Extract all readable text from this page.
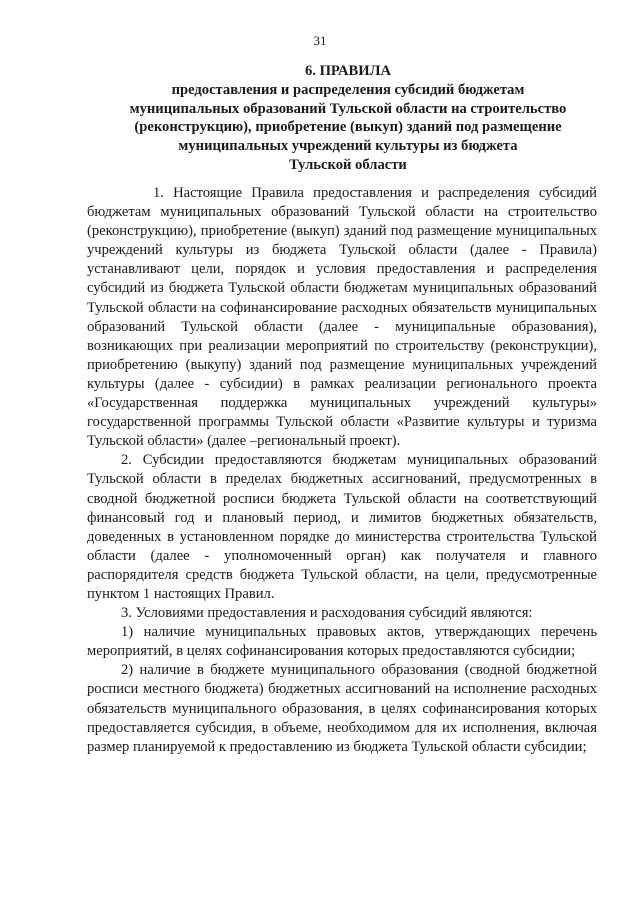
31
6. ПРАВИЛА
предоставления и распределения субсидий бюджетам
муниципальных образований Тульской области на строительство
(реконструкцию), приобретение (выкуп) зданий под размещение
муниципальных учреждений культуры из бюджета
Тульской области

1. Настоящие Правила предоставления и распределения субсидий бюджетам муниципальных образований Тульской области на строительство (реконструкцию), приобретение (выкуп) зданий под размещение муниципальных учреждений культуры из бюджета Тульской области (далее - Правила) устанавливают цели, порядок и условия предоставления и распределения субсидий из бюджета Тульской области бюджетам муниципальных образований Тульской области на софинансирование расходных обязательств муниципальных образований Тульской области (далее - муниципальные образования), возникающих при реализации мероприятий по строительству (реконструкции), приобретению (выкупу) зданий под размещение муниципальных учреждений культуры (далее - субсидии) в рамках реализации регионального проекта «Государственная поддержка муниципальных учреждений культуры» государственной программы Тульской области «Развитие культуры и туризма Тульской области» (далее –региональный проект).

2. Субсидии предоставляются бюджетам муниципальных образований Тульской области в пределах бюджетных ассигнований, предусмотренных в сводной бюджетной росписи бюджета Тульской области на соответствующий финансовый год и плановый период, и лимитов бюджетных обязательств, доведенных в установленном порядке до министерства строительства Тульской области (далее - уполномоченный орган) как получателя и главного распорядителя средств бюджета Тульской области, на цели, предусмотренные пунктом 1 настоящих Правил.

3. Условиями предоставления и расходования субсидий являются:

1) наличие муниципальных правовых актов, утверждающих перечень мероприятий, в целях софинансирования которых предоставляются субсидии;

2) наличие в бюджете муниципального образования (сводной бюджетной росписи местного бюджета) бюджетных ассигнований на исполнение расходных обязательств муниципального образования, в целях софинансирования которых предоставляется субсидия, в объеме, необходимом для их исполнения, включая размер планируемой к предоставлению из бюджета Тульской области субсидии;
